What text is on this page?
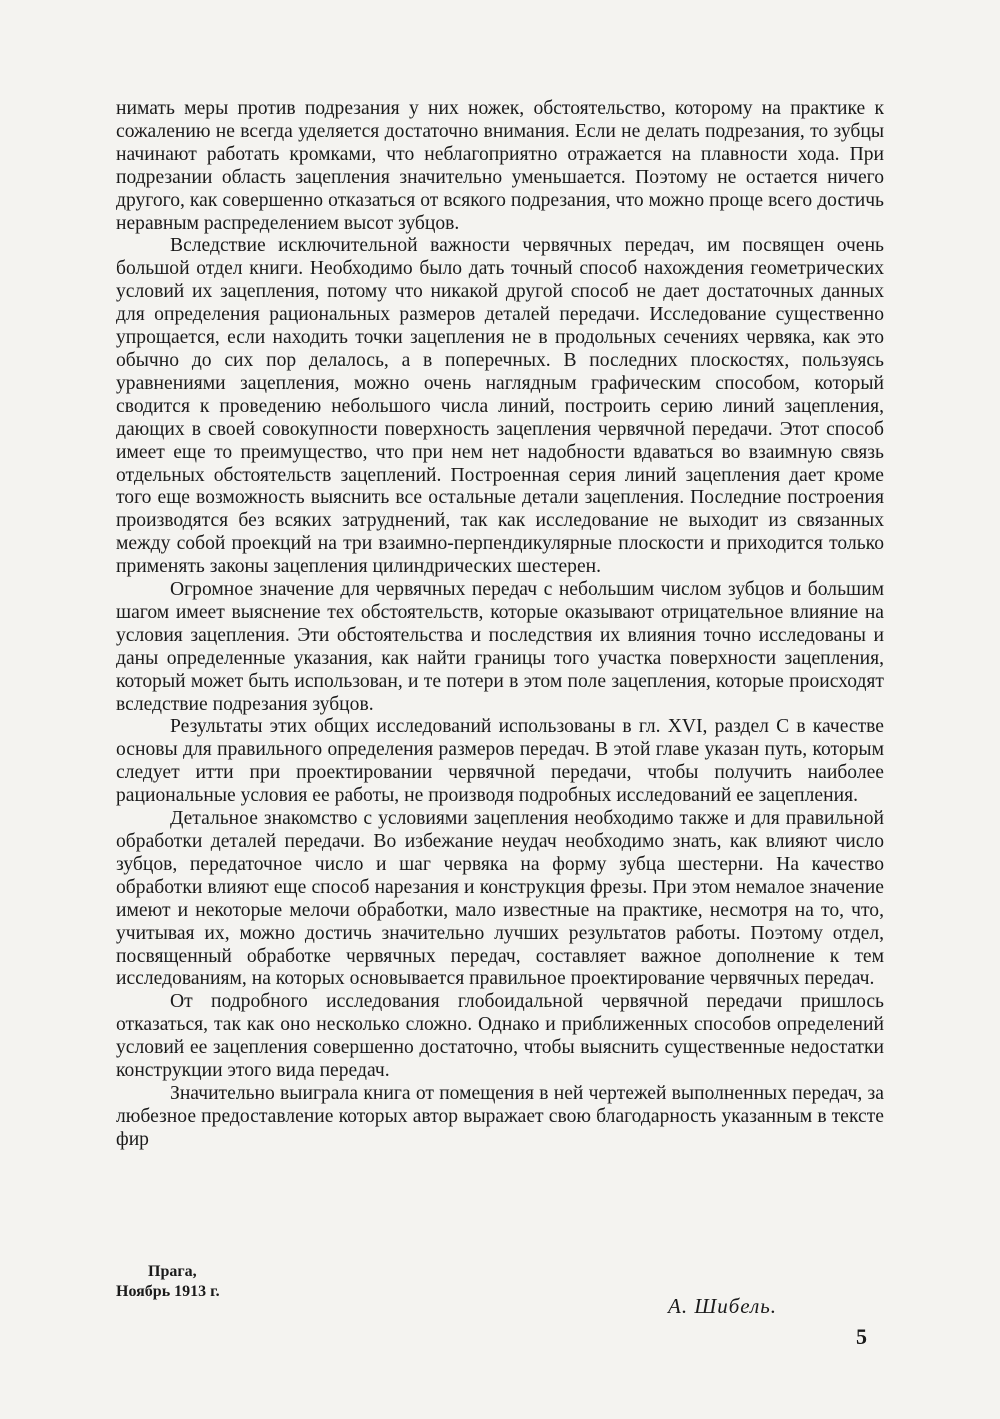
нимать меры против подрезания у них ножек, обстоятельство, которому на практике к сожалению не всегда уделяется достаточно внимания. Если не делать подрезания, то зубцы начинают работать кромками, что неблагоприятно отражается на плавности хода. При подрезании область зацепления значительно уменьшается. Поэтому не остается ничего другого, как совершенно отказаться от всякого подрезания, что можно проще всего достичь неравным распределением высот зубцов.

Вследствие исключительной важности червячных передач, им посвящен очень большой отдел книги. Необходимо было дать точный способ нахождения геометрических условий их зацепления, потому что никакой другой способ не дает достаточных данных для определения рациональных размеров деталей передачи. Исследование существенно упрощается, если находить точки зацепления не в продольных сечениях червяка, как это обычно до сих пор делалось, а в поперечных. В последних плоскостях, пользуясь уравнениями зацепления, можно очень наглядным графическим способом, который сводится к проведению небольшого числа линий, построить серию линий зацепления, дающих в своей совокупности поверхность зацепления червячной передачи. Этот способ имеет еще то преимущество, что при нем нет надобности вдаваться во взаимную связь отдельных обстоятельств зацеплений. Построенная серия линий зацепления дает кроме того еще возможность выяснить все остальные детали зацепления. Последние построения производятся без всяких затруднений, так как исследование не выходит из связанных между собой проекций на три взаимно-перпендикулярные плоскости и приходится только применять законы зацепления цилиндрических шестерен.

Огромное значение для червячных передач с небольшим числом зубцов и большим шагом имеет выяснение тех обстоятельств, которые оказывают отрицательное влияние на условия зацепления. Эти обстоятельства и последствия их влияния точно исследованы и даны определенные указания, как найти границы того участка поверхности зацепления, который может быть использован, и те потери в этом поле зацепления, которые происходят вследствие подрезания зубцов.

Результаты этих общих исследований использованы в гл. XVI, раздел С в качестве основы для правильного определения размеров передач. В этой главе указан путь, которым следует итти при проектировании червячной передачи, чтобы получить наиболее рациональные условия ее работы, не производя подробных исследований ее зацепления.

Детальное знакомство с условиями зацепления необходимо также и для правильной обработки деталей передачи. Во избежание неудач необходимо знать, как влияют число зубцов, передаточное число и шаг червяка на форму зубца шестерни. На качество обработки влияют еще способ нарезания и конструкция фрезы. При этом немалое значение имеют и некоторые мелочи обработки, мало известные на практике, несмотря на то, что, учитывая их, можно достичь значительно лучших результатов работы. Поэтому отдел, посвященный обработке червячных передач, составляет важное дополнение к тем исследованиям, на которых основывается правильное проектирование червячных передач.

От подробного исследования глобоидальной червячной передачи пришлось отказаться, так как оно несколько сложно. Однако и приближенных способов определений условий ее зацепления совершенно достаточно, чтобы выяснить существенные недостатки конструкции этого вида передач.

Значительно выиграла книга от помещения в ней чертежей выполненных передач, за любезное предоставление которых автор выражает свою благодарность указанным в тексте фир

Прага,
Ноябрь 1913 г.
А. Шибель.
5
